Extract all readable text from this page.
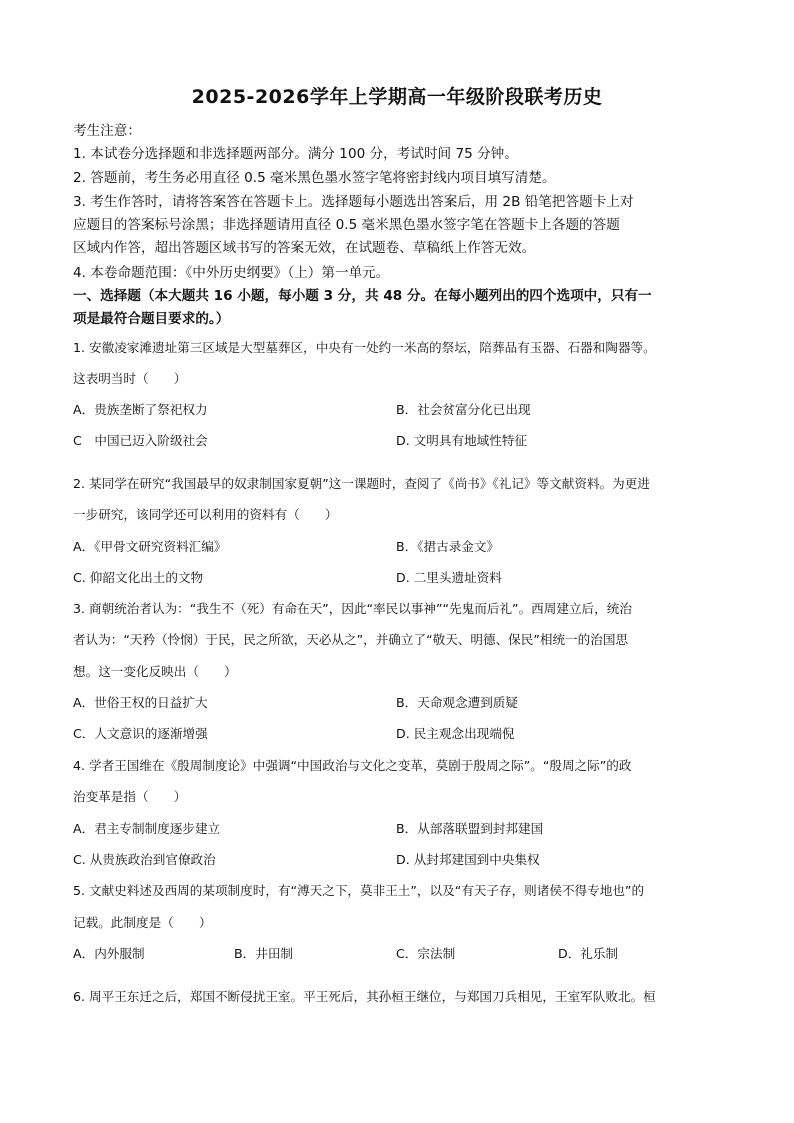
2025-2026学年上学期高一年级阶段联考历史
考生注意：
1. 本试卷分选择题和非选择题两部分。满分 100 分，考试时间 75 分钟。
2. 答题前，考生务必用直径 0.5 毫米黑色墨水签字笔将密封线内项目填写清楚。
3. 考生作答时，请将答案答在答题卡上。选择题每小题选出答案后，用 2B 铅笔把答题卡上对
应题目的答案标号涂黑；非选择题请用直径 0.5 毫米黑色墨水签字笔在答题卡上各题的答题
区域内作答，超出答题区域书写的答案无效，在试题卷、草稿纸上作答无效。
4. 本卷命题范围：《中外历史纲要》（上）第一单元。
一、选择题（本大题共 16 小题，每小题 3 分，共 48 分。在每小题列出的四个选项中，只有一
项是最符合题目要求的。）
1. 安徽凌家滩遗址第三区域是大型墓葬区，中央有一处约一米高的祭坛，陪葬品有玉器、石器和陶器等。
这表明当时（　　）
A．贵族垄断了祭祀权力	B．社会贫富分化已出现
C　中国已迈入阶级社会	D. 文明具有地域性特征
2. 某同学在研究“我国最早的奴隶制国家夏朝”这一课题时，查阅了《尚书》《礼记》等文献资料。为更进
一步研究，该同学还可以利用的资料有（　　）
A．《甲骨文研究资料汇编》	B．《捃古录金文》
C. 仰韶文化出土的文物	D. 二里头遗址资料
3. 商朝统治者认为：“我生不（死）有命在天”，因此“率民以事神”“先鬼而后礼”。西周建立后，统治
者认为：“天矜（怜悯）于民，民之所欲，天必从之”，并确立了“敬天、明德、保民”相统一的治国思
想。这一变化反映出（　　）
A．世俗王权的日益扩大	B．天命观念遭到质疑
C．人文意识的逐渐增强	D. 民主观念出现端倪
4. 学者王国维在《殷周制度论》中强调“中国政治与文化之变革，莫剧于殷周之际”。“殷周之际”的政
治变革是指（　　）
A．君主专制制度逐步建立	B．从部落联盟到封邦建国
C. 从贵族政治到官僚政治	D. 从封邦建国到中央集权
5. 文献史料述及西周的某项制度时，有“溥天之下，莫非王土”，以及“有天子存，则诸侯不得专地也”的
记载。此制度是（　　）
A．内外服制	B．井田制	C．宗法制	D．礼乐制
6. 周平王东迁之后，郑国不断侵扰王室。平王死后，其孙桓王继位，与郑国刀兵相见，王室军队败北。桓
